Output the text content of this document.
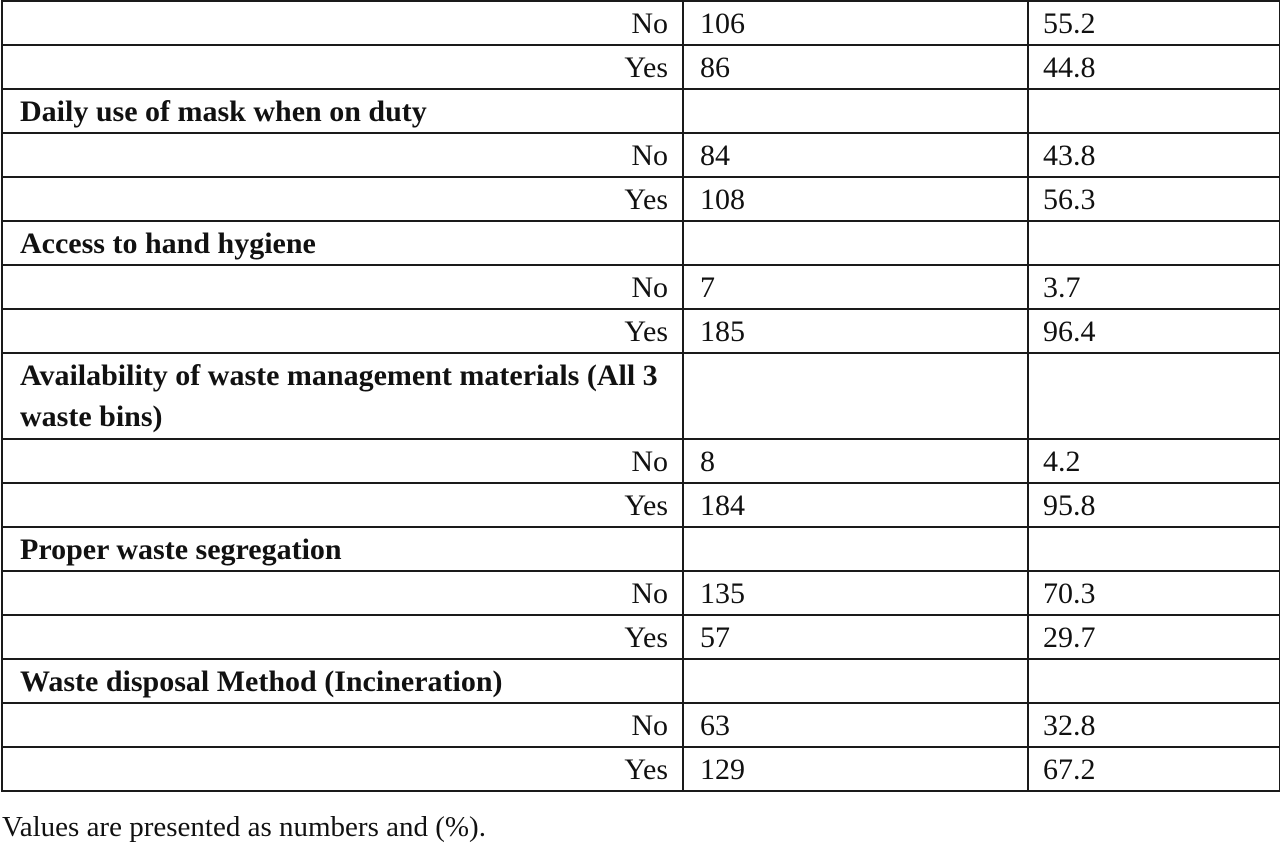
No	106	55.2
Yes	86	44.8
Daily use of mask when on duty		
No	84	43.8
Yes	108	56.3
Access to hand hygiene		
No	7	3.7
Yes	185	96.4
Availability of waste management materials (All 3 waste bins)		
No	8	4.2
Yes	184	95.8
Proper waste segregation		
No	135	70.3
Yes	57	29.7
Waste disposal Method (Incineration)		
No	63	32.8
Yes	129	67.2
Values are presented as numbers and (%).
